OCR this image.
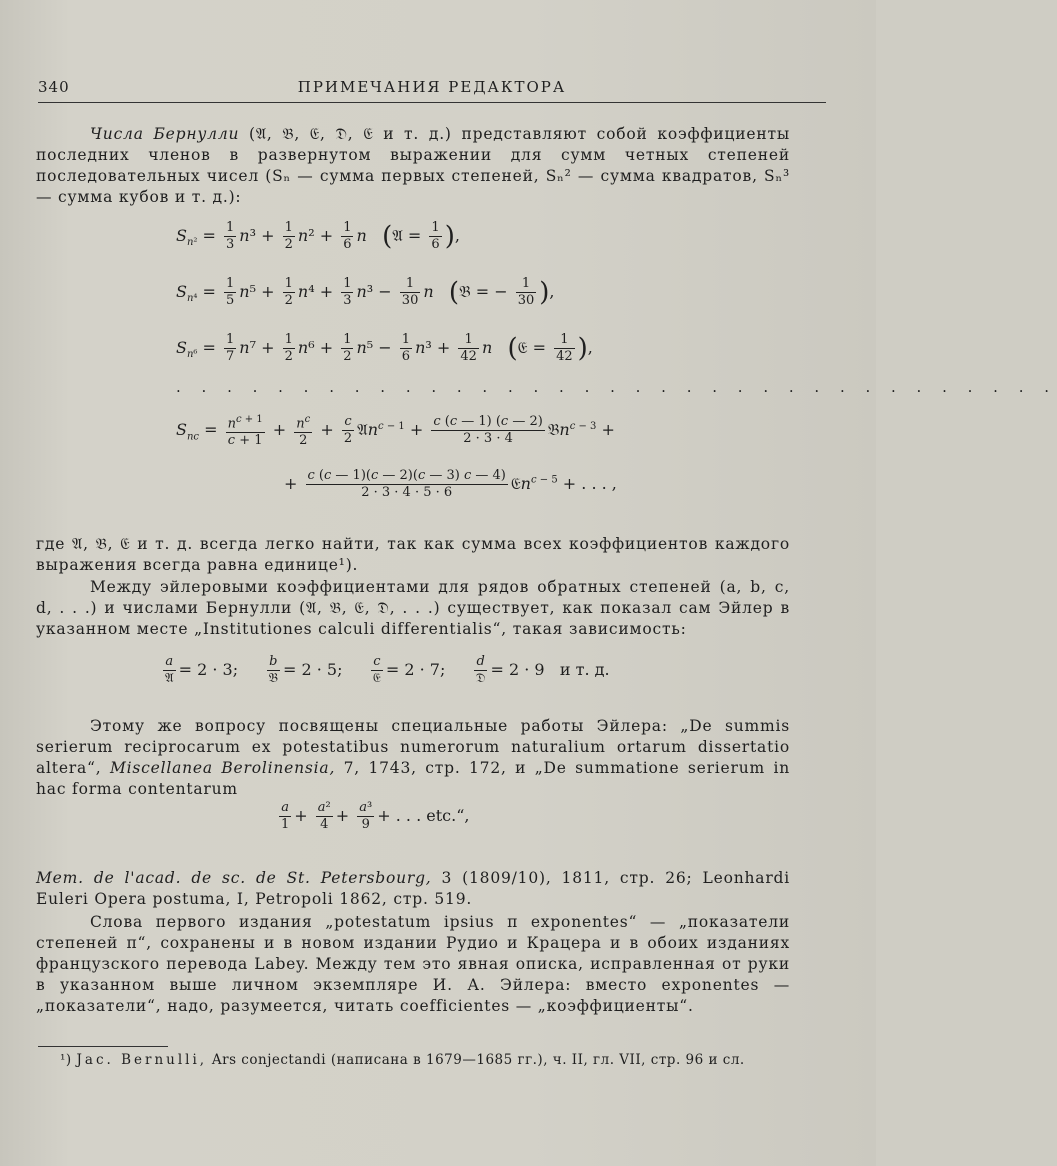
ПРИМЕЧАНИЯ РЕДАКТОРА
340
Числа Бернулли (𝔄, 𝔅, 𝔈, 𝔇, 𝔈 и т. д.) представляют собой коэффициенты последних членов в развернутом выражении для сумм четных степеней последовательных чисел (Sₙ — сумма первых степеней, Sₙ² — сумма квадратов, Sₙ³ — сумма кубов и т. д.):
$S_{n^2} = \frac{1}{3} n^3 + \frac{1}{2} n^2 + \frac{1}{6}$ n (𝔄 = $\frac{1}{6}$ ),
$S_{n^4} = \frac{1}{5} n^5 + \frac{1}{2} n^4 + \frac{1}{3} n^3 - \frac{1}{30}$ n (𝔅 = − $\frac{1}{30}$ ),
$S_{n^6} = \frac{1}{7} n^7 + \frac{1}{2} n^6 + \frac{1}{2} n^5 - \frac{1}{6} n^3 + \frac{1}{42}$ n (𝔈 = $\frac{1}{42}$ ),
. . . . . . . . . . . . . . . . . . . . . . . . . . . . . . . . . . .
$S_{nc} = \frac{n^{c + 1}}{c + 1} + \frac{n^c}{2} + \frac{c}{2}$ 𝔄n$^{c - 1}$ + $\frac{c (c — 1) (c — 2)}{2 \cdot 3 \cdot 4}$ 𝔅n$^{c - 3}$ +
+ $\frac{c (c — 1)(c — 2)(c — 3) c — 4)}{2 \cdot 3 \cdot 4 \cdot 5 \cdot 6}$ 𝔈n$^{c - 5}$ + . . . ,
где 𝔄, 𝔅, 𝔈 и т. д. всегда легко найти, так как сумма всех коэффициентов каждого выражения всегда равна единице¹).
Между эйлеровыми коэффициентами для рядов обратных степеней (a, b, c, d, . . .) и числами Бернулли (𝔄, 𝔅, 𝔈, 𝔇, . . .) существует, как показал сам Эйлер в указанном месте „Institutiones calculi differentialis“, такая зависимость:
$\frac{a}{\text{𝔄}} = 2 \cdot 3$; $\frac{b}{\text{𝔅}} = 2 \cdot 5$; $\frac{c}{\text{𝔈}} = 2 \cdot 7$; $\frac{d}{\text{𝔇}} = 2 \cdot 9$   и т. д.
Этому же вопросу посвящены специальные работы Эйлера: „De summis serierum reciprocarum ex potestatibus numerorum naturalium ortarum dissertatio altera“, Miscellanea Berolinensia, 7, 1743, стр. 172, и „De summatione serierum in hac forma contentarum
$\frac{a}{1} + \frac{\text{a²}}{4} + \frac{\text{a³}}{9}$ + . . . etc.“,
Mem. de l'acad. de sc. de St. Petersbourg, 3 (1809/10), 1811, стр. 26; Leonhardi Euleri Opera postuma, I, Petropoli 1862, стр. 519.
Слова первого издания „potestatum ipsius π exponentes“ — „показатели степеней π“, сохранены и в новом издании Рудио и Крацера и в обоих изданиях французского перевода Labey. Между тем это явная описка, исправленная от руки в указанном выше личном экземпляре И. А. Эйлера: вместо exponentes — „показатели“, надо, разумеется, читать coefficientes — „коэффициенты“.
¹) Jac. Bernulli, Ars conjectandi (написана в 1679—1685 гг.), ч. II, гл. VII, стр. 96 и сл.
